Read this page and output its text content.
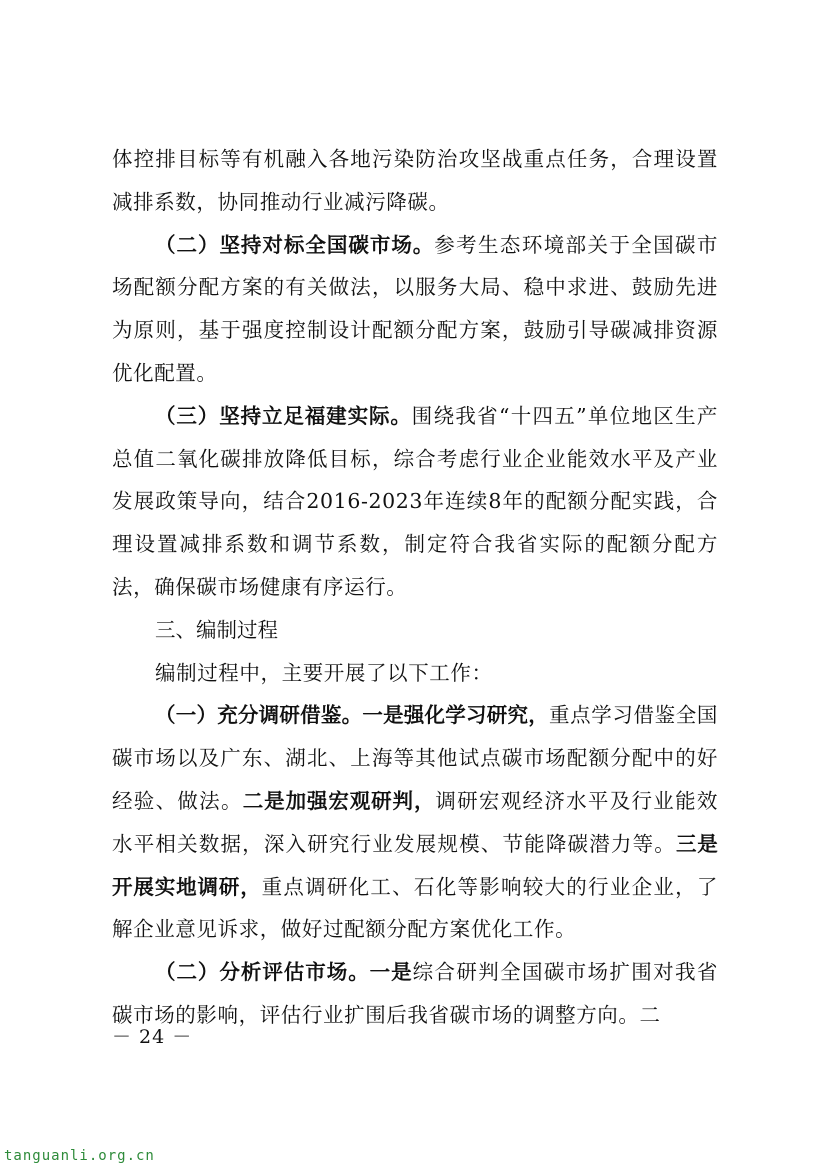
体控排目标等有机融入各地污染防治攻坚战重点任务，合理设置减排系数，协同推动行业减污降碳。

（二）坚持对标全国碳市场。参考生态环境部关于全国碳市场配额分配方案的有关做法，以服务大局、稳中求进、鼓励先进为原则，基于强度控制设计配额分配方案，鼓励引导碳减排资源优化配置。

（三）坚持立足福建实际。围绕我省“十四五”单位地区生产总值二氧化碳排放降低目标，综合考虑行业企业能效水平及产业发展政策导向，结合2016-2023年连续8年的配额分配实践，合理设置减排系数和调节系数，制定符合我省实际的配额分配方法，确保碳市场健康有序运行。

三、编制过程

编制过程中，主要开展了以下工作：

（一）充分调研借鉴。一是强化学习研究，重点学习借鉴全国碳市场以及广东、湖北、上海等其他试点碳市场配额分配中的好经验、做法。二是加强宏观研判，调研宏观经济水平及行业能效水平相关数据，深入研究行业发展规模、节能降碳潜力等。三是开展实地调研，重点调研化工、石化等影响较大的行业企业，了解企业意见诉求，做好过配额分配方案优化工作。

（二）分析评估市场。一是综合研判全国碳市场扩围对我省碳市场的影响，评估行业扩围后我省碳市场的调整方向。二

－ 24 －
tanguanli.org.cn
